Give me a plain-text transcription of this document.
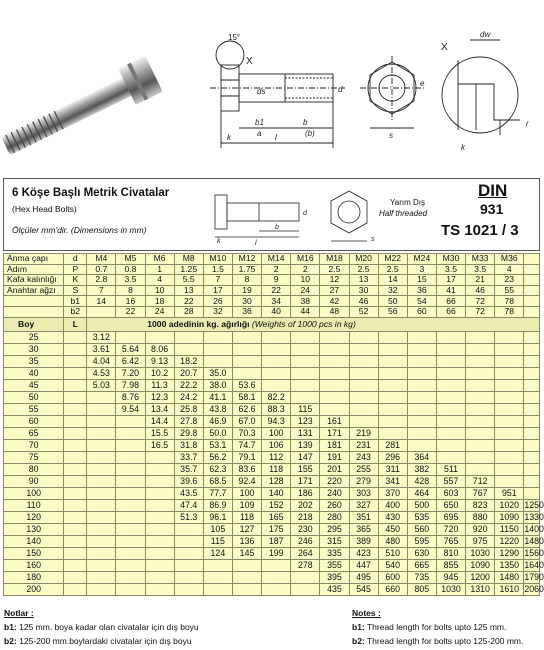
15°
X
d
ds
b1	b
k	l	(b)
a
e
s
X
k
dw
r
6 Köşe Başlı Metrik Civatalar
(Hex Head Bolts)
Ölçüler mm'dir. (Dimensions in mm)
d
k
b
l
s
Yarım Dış
Half threaded
DIN
931
TS 1021 / 3
Anma çapı	d	M4	M5	M6	M8	M10	M12	M14	M16	M18	M20	M22	M24	M30	M33	M36	
Adım	P	0.7	0.8	1	1.25	1.5	1.75	2	2	2.5	2.5	2.5	3	3.5	3.5	4	
Kafa kalınlığı	K	2.8	3.5	4	5.5	7	8	9	10	12	13	14	15	17	21	23	
Anahtar ağzı	S	7	8	10	13	17	19	22	24	27	30	32	36	41	46	55	
	b1	14	16	18	22	26	30	34	38	42	46	50	54	66	72	78	
	b2		22	24	28	32	36	40	44	48	52	56	60	66	72	78	
Boy	L	1000 adedinin kg. ağırlığı (Weights of 1000 pcs in kg)															
25		3.12															
30		3.61	5.64	8.06													
35		4.04	6.42	9.13	18.2												
40		4.53	7.20	10.2	20.7	35.0											
45		5.03	7.98	11.3	22.2	38.0	53.6										
50			8.76	12.3	24.2	41.1	58.1	82.2									
55			9.54	13.4	25.8	43.8	62.6	88.3	115								
60				14.4	27.8	46.9	67.0	94.3	123	161							
65				15.5	29.8	50.0	70.3	100	131	171	219						
70				16.5	31.8	53.1	74.7	106	139	181	231	281					
75					33.7	56.2	79.1	112	147	191	243	296	364				
80					35.7	62.3	83.6	118	155	201	255	311	382	511			
90					39.6	68.5	92.4	128	171	220	279	341	428	557	712		
100					43.5	77.7	100	140	186	240	303	370	464	603	767	951	
110					47.4	86.9	109	152	202	260	327	400	500	650	823	1020	1250
120					51.3	96.1	118	165	218	280	351	430	535	695	880	1090	1330
130						105	127	175	230	295	365	450	560	720	920	1150	1400
140						115	136	187	246	315	389	480	595	765	975	1220	1480
150						124	145	199	264	335	423	510	630	810	1030	1290	1560
160									278	355	447	540	665	855	1090	1350	1640
180										395	495	600	735	945	1200	1480	1790
200										435	545	660	805	1030	1310	1610	2060
Notlar :
b1: 125 mm. boya kadar olan civatalar için dış boyu
b2: 125-200 mm.boylardaki civatalar için dış boyu
Notes :
b1: Thread length for bolts upto 125 mm.
b2: Thread length for bolts upto 125-200 mm.
